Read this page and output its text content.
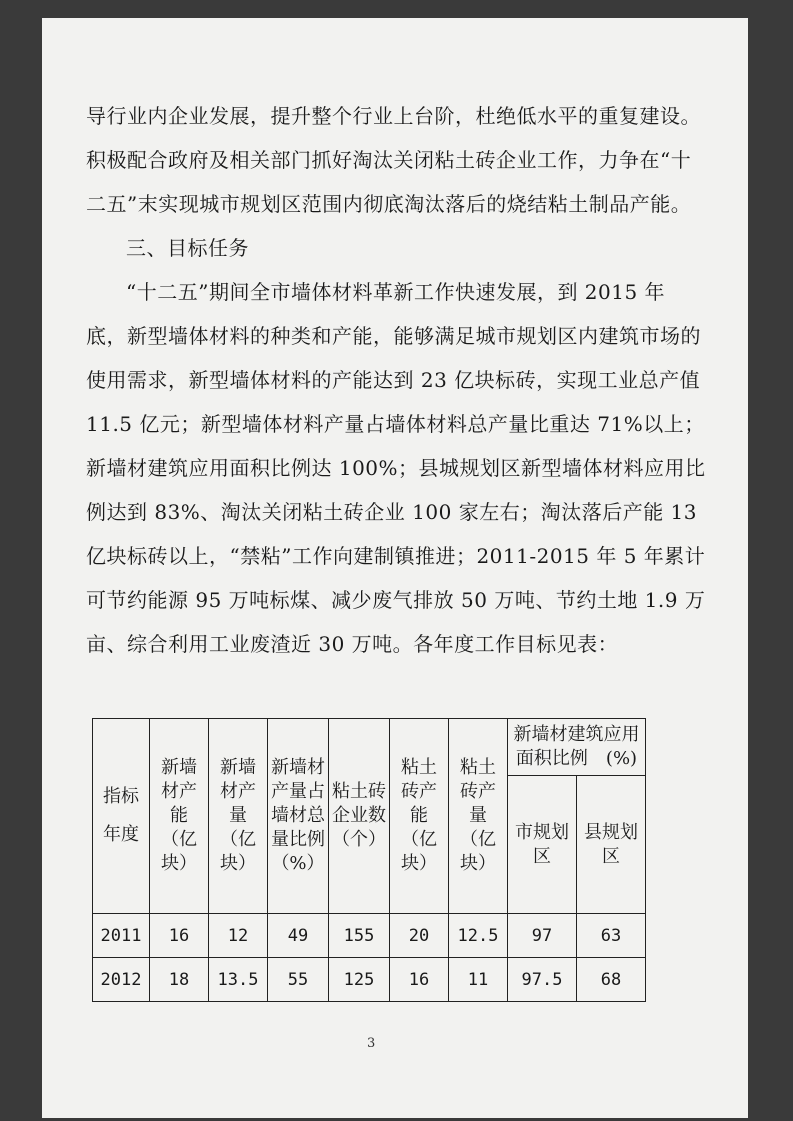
导行业内企业发展，提升整个行业上台阶，杜绝低水平的重复建设。积极配合政府及相关部门抓好淘汰关闭粘土砖企业工作，力争在“十二五”末实现城市规划区范围内彻底淘汰落后的烧结粘土制品产能。

三、目标任务

“十二五”期间全市墙体材料革新工作快速发展，到 2015 年底，新型墙体材料的种类和产能，能够满足城市规划区内建筑市场的使用需求，新型墙体材料的产能达到 23 亿块标砖，实现工业总产值 11.5 亿元；新型墙体材料产量占墙体材料总产量比重达 71%以上；新墙材建筑应用面积比例达 100%；县城规划区新型墙体材料应用比例达到 83%、淘汰关闭粘土砖企业 100 家左右；淘汰落后产能 13 亿块标砖以上，“禁粘”工作向建制镇推进；2011-2015 年 5 年累计可节约能源 95 万吨标煤、减少废气排放 50 万吨、节约土地 1.9 万亩、综合利用工业废渣近 30 万吨。各年度工作目标见表：

指标
年度	新墙材产能（亿块）	新墙材产量（亿块）	新墙材产量占墙材总量比例（%）	粘土砖企业数（个）	粘土砖产能（亿块）	粘土砖产量（亿块）	新墙材建筑应用面积比例　(%)	
							市规划区	县规划区
2011	16	12	49	155	20	12.5	97	63
2012	18	13.5	55	125	16	11	97.5	68
3
